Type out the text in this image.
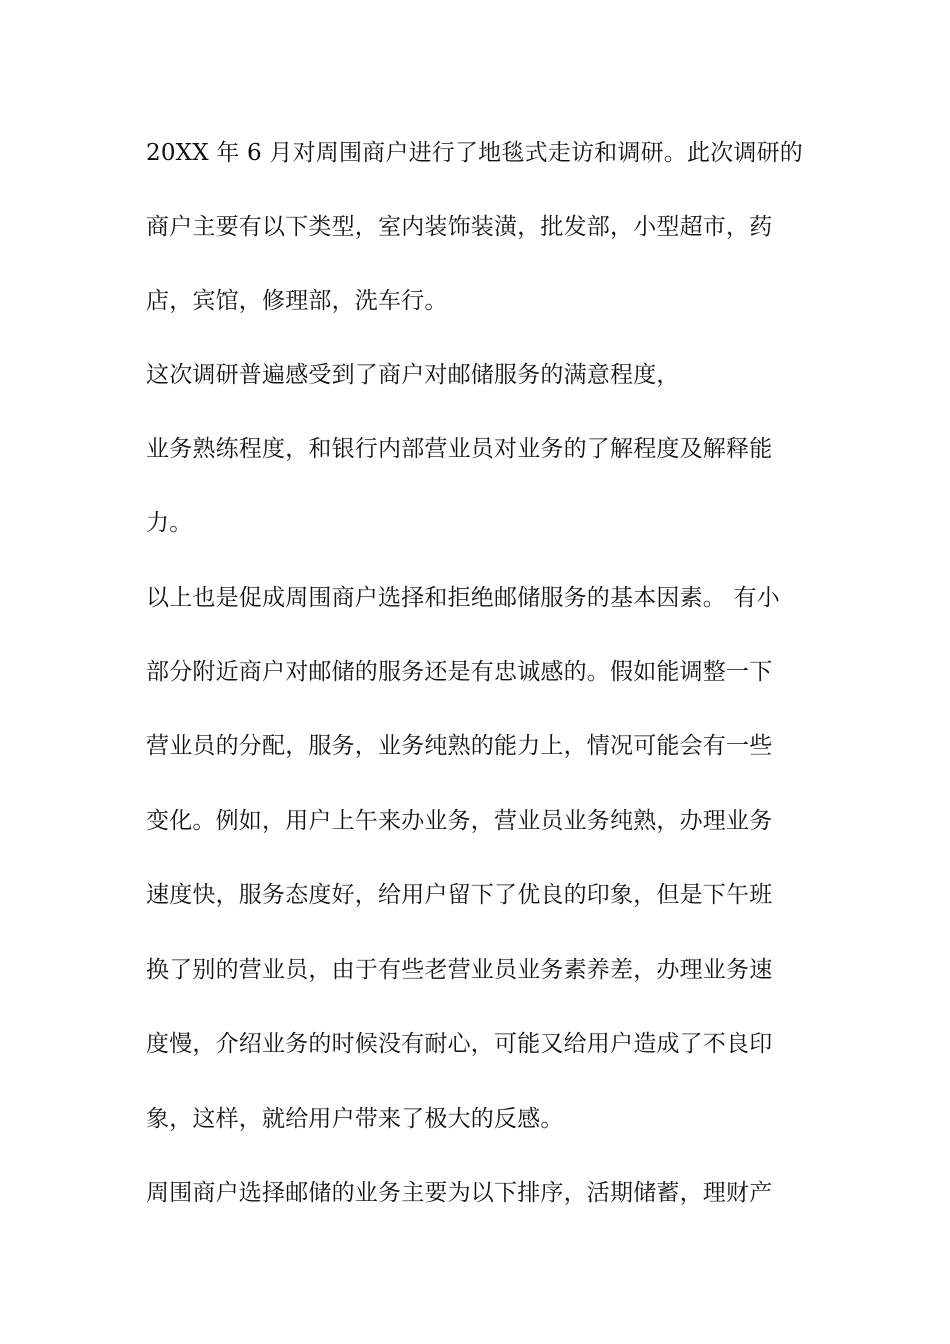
20XX 年 6 月对周围商户进行了地毯式走访和调研。此次调研的
商户主要有以下类型，室内装饰装潢，批发部，小型超市，药
店，宾馆，修理部，洗车行。
这次调研普遍感受到了商户对邮储服务的满意程度，
业务熟练程度，和银行内部营业员对业务的了解程度及解释能
力。
以上也是促成周围商户选择和拒绝邮储服务的基本因素。 有小
部分附近商户对邮储的服务还是有忠诚感的。假如能调整一下
营业员的分配，服务，业务纯熟的能力上，情况可能会有一些
变化。例如，用户上午来办业务，营业员业务纯熟，办理业务
速度快，服务态度好，给用户留下了优良的印象，但是下午班
换了别的营业员，由于有些老营业员业务素养差，办理业务速
度慢，介绍业务的时候没有耐心，可能又给用户造成了不良印
象，这样，就给用户带来了极大的反感。
周围商户选择邮储的业务主要为以下排序，活期储蓄，理财产
